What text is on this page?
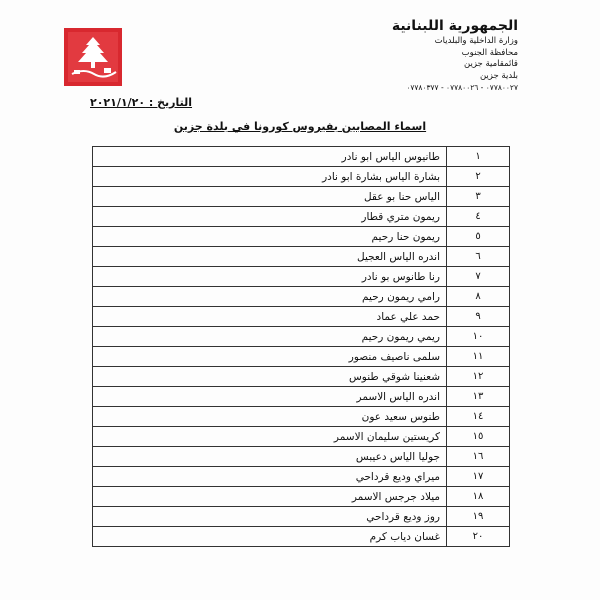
الجمهورية اللبنانية
وزارة الداخلية والبلديات
محافظة الجنوب
قائمقامية جزين
بلدية جزين
٠٧٧٨٠٠٢٧ - ٠٧٧٨٠٠٢٦ - ٠٧٧٨٠٣٧٧
التاريخ : ٢٠٢١/١/٢٠
اسماء المصابين بفيروس كورونا في بلدة جزين
١	طانيوس الياس ابو نادر
٢	بشارة الياس بشارة ابو نادر
٣	الياس حنا بو عقل
٤	ريمون متري قطار
٥	ريمون حنا رحيم
٦	اندره الياس العجيل
٧	رنا طانوس بو نادر
٨	رامي ريمون رحيم
٩	حمد علي عماد
١٠	ريمي ريمون رحيم
١١	سلمى ناصيف منصور
١٢	شعنينا شوقي طنوس
١٣	اندره الياس الاسمر
١٤	طنوس سعيد عون
١٥	كريستين سليمان الاسمر
١٦	جوليا الياس دعيبس
١٧	ميراي وديع قرداحي
١٨	ميلاد جرجس الاسمر
١٩	روز وديع قرداحي
٢٠	غسان دياب كرم
